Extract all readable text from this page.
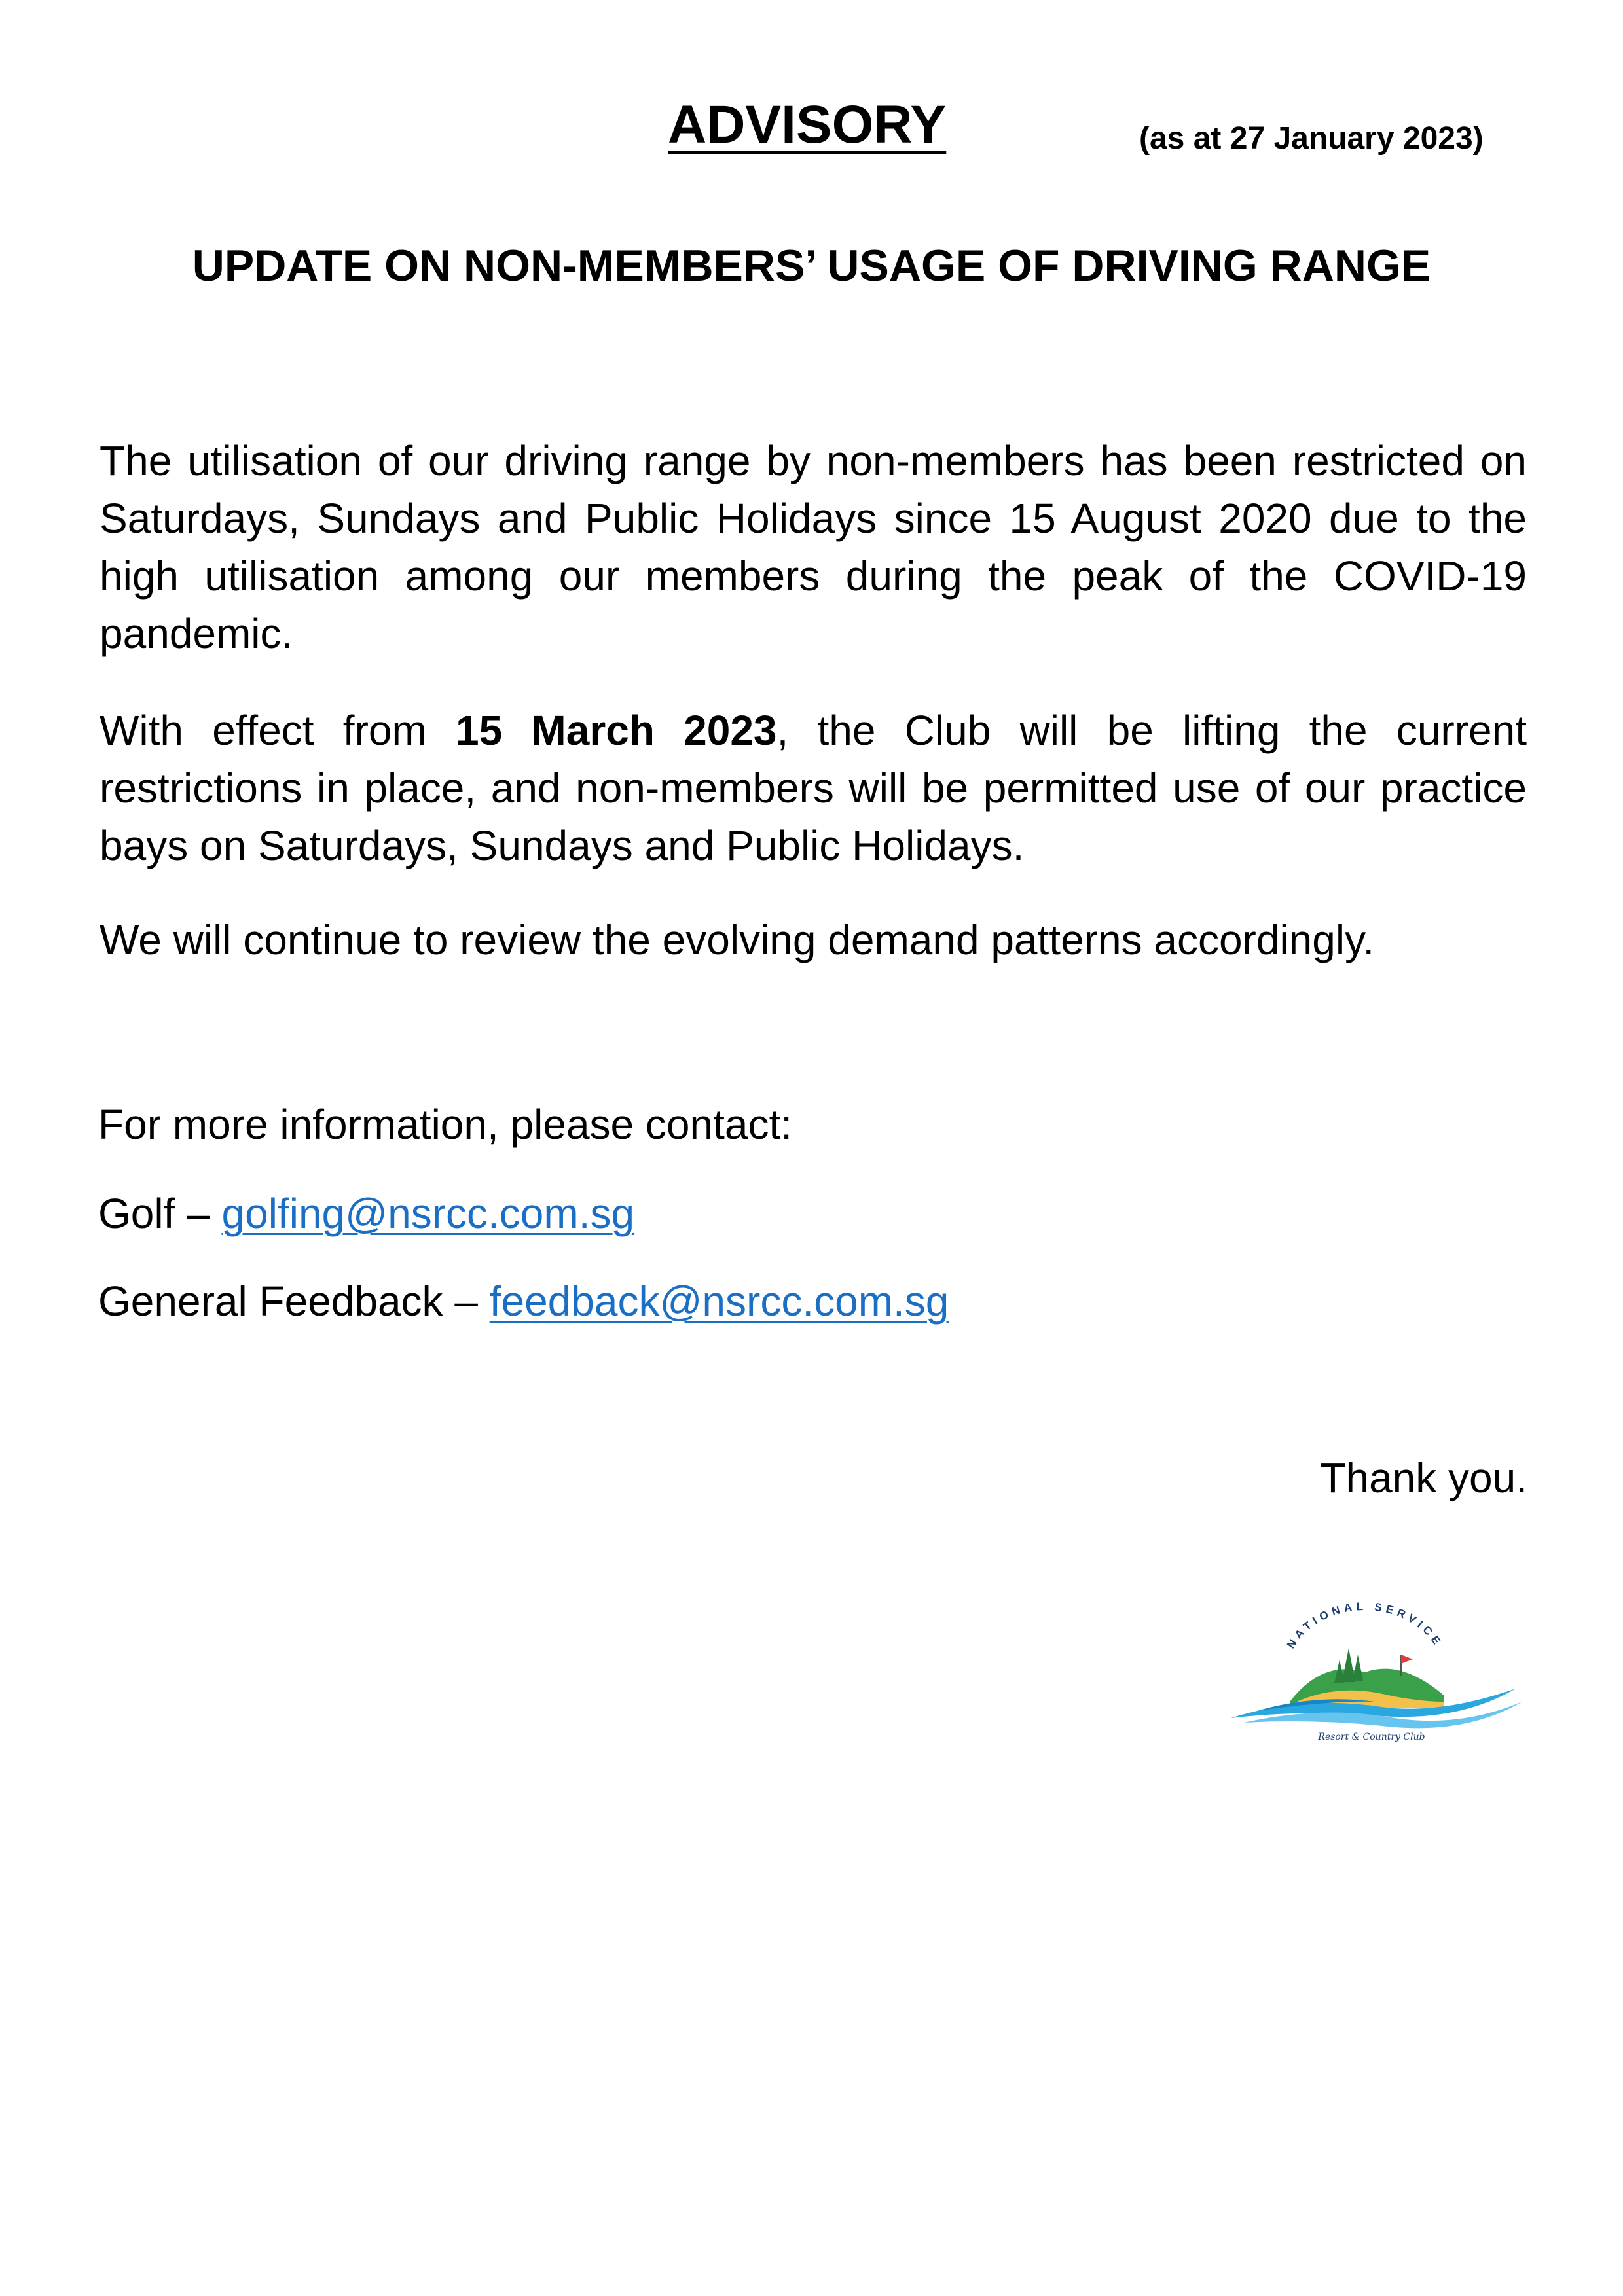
ADVISORY	(as at 27 January 2023)
UPDATE ON NON-MEMBERS’ USAGE OF DRIVING RANGE
The utilisation of our driving range by non-members has been restricted on Saturdays, Sundays and Public Holidays since 15 August 2020 due to the high utilisation among our members during the peak of the COVID-19 pandemic.
With effect from 15 March 2023, the Club will be lifting the current restrictions in place, and non-members will be permitted use of our practice bays on Saturdays, Sundays and Public Holidays.
We will continue to review the evolving demand patterns accordingly.
For more information, please contact:
Golf – golfing@nsrcc.com.sg
General Feedback – feedback@nsrcc.com.sg
Thank you.
NATIONAL SERVICE
Resort & Country Club
